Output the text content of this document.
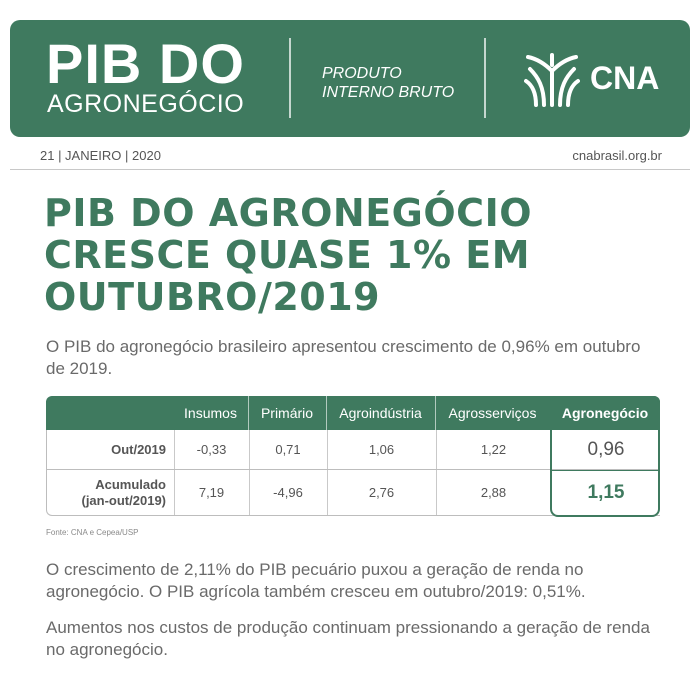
PIB DO
AGRONEGÓCIO
PRODUTO
INTERNO BRUTO	CNA
21 | JANEIRO | 2020	cnabrasil.org.br
PIB DO AGRONEGÓCIO
CRESCE QUASE 1% EM
OUTUBRO/2019
O PIB do agronegócio brasileiro apresentou crescimento de 0,96% em outubro de 2019.
Insumos	Primário	Agroindústria	Agrosserviços	Agronegócio
Out/2019	-0,33	0,71	1,06	1,22	0,96
Acumulado
(jan-out/2019)	7,19	-4,96	2,76	2,88	1,15
Fonte: CNA e Cepea/USP
O crescimento de 2,11% do PIB pecuário puxou a geração de renda no agronegócio. O PIB agrícola também cresceu em outubro/2019: 0,51%.
Aumentos nos custos de produção continuam pressionando a geração de renda no agronegócio.
